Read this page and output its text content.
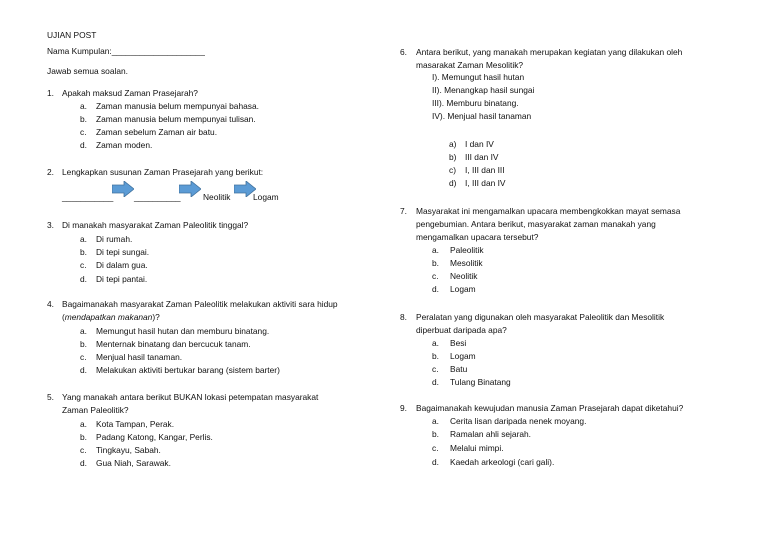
UJIAN POST
Nama Kumpulan:____________________
Jawab semua soalan.
1. Apakah maksud Zaman Prasejarah?
a. Zaman manusia belum mempunyai bahasa.
b. Zaman manusia belum mempunyai tulisan.
c. Zaman sebelum Zaman air batu.
d. Zaman moden.
2. Lengkapkan susunan Zaman Prasejarah yang berikut:
___________ __________	Neolitik	Logam
3. Di manakah masyarakat Zaman Paleolitik tinggal?
a. Di rumah.
b. Di tepi sungai.
c. Di dalam gua.
d. Di tepi pantai.
4. Bagaimanakah masyarakat Zaman Paleolitik melakukan aktiviti sara hidup
(mendapatkan makanan)?
a. Memungut hasil hutan dan memburu binatang.
b. Menternak binatang dan bercucuk tanam.
c. Menjual hasil tanaman.
d. Melakukan aktiviti bertukar barang (sistem barter)
5. Yang manakah antara berikut BUKAN lokasi petempatan masyarakat
Zaman Paleolitik?
a. Kota Tampan, Perak.
b. Padang Katong, Kangar, Perlis.
c. Tingkayu, Sabah.
d. Gua Niah, Sarawak.
6. Antara berikut, yang manakah merupakan kegiatan yang dilakukan oleh
masarakat Zaman Mesolitik?
I). Memungut hasil hutan
II). Menangkap hasil sungai
III). Memburu binatang.
IV). Menjual hasil tanaman
a) I dan IV
b) III dan IV
c) I, III dan III
d) I, III dan IV
7. Masyarakat ini mengamalkan upacara membengkokkan mayat semasa
pengebumian. Antara berikut, masyarakat zaman manakah yang
mengamalkan upacara tersebut?
a. Paleolitik
b. Mesolitik
c. Neolitik
d. Logam
8. Peralatan yang digunakan oleh masyarakat Paleolitik dan Mesolitik
diperbuat daripada apa?
a. Besi
b. Logam
c. Batu
d. Tulang Binatang
9. Bagaimanakah kewujudan manusia Zaman Prasejarah dapat diketahui?
a. Cerita lisan daripada nenek moyang.
b. Ramalan ahli sejarah.
c. Melalui mimpi.
d. Kaedah arkeologi (cari gali).
